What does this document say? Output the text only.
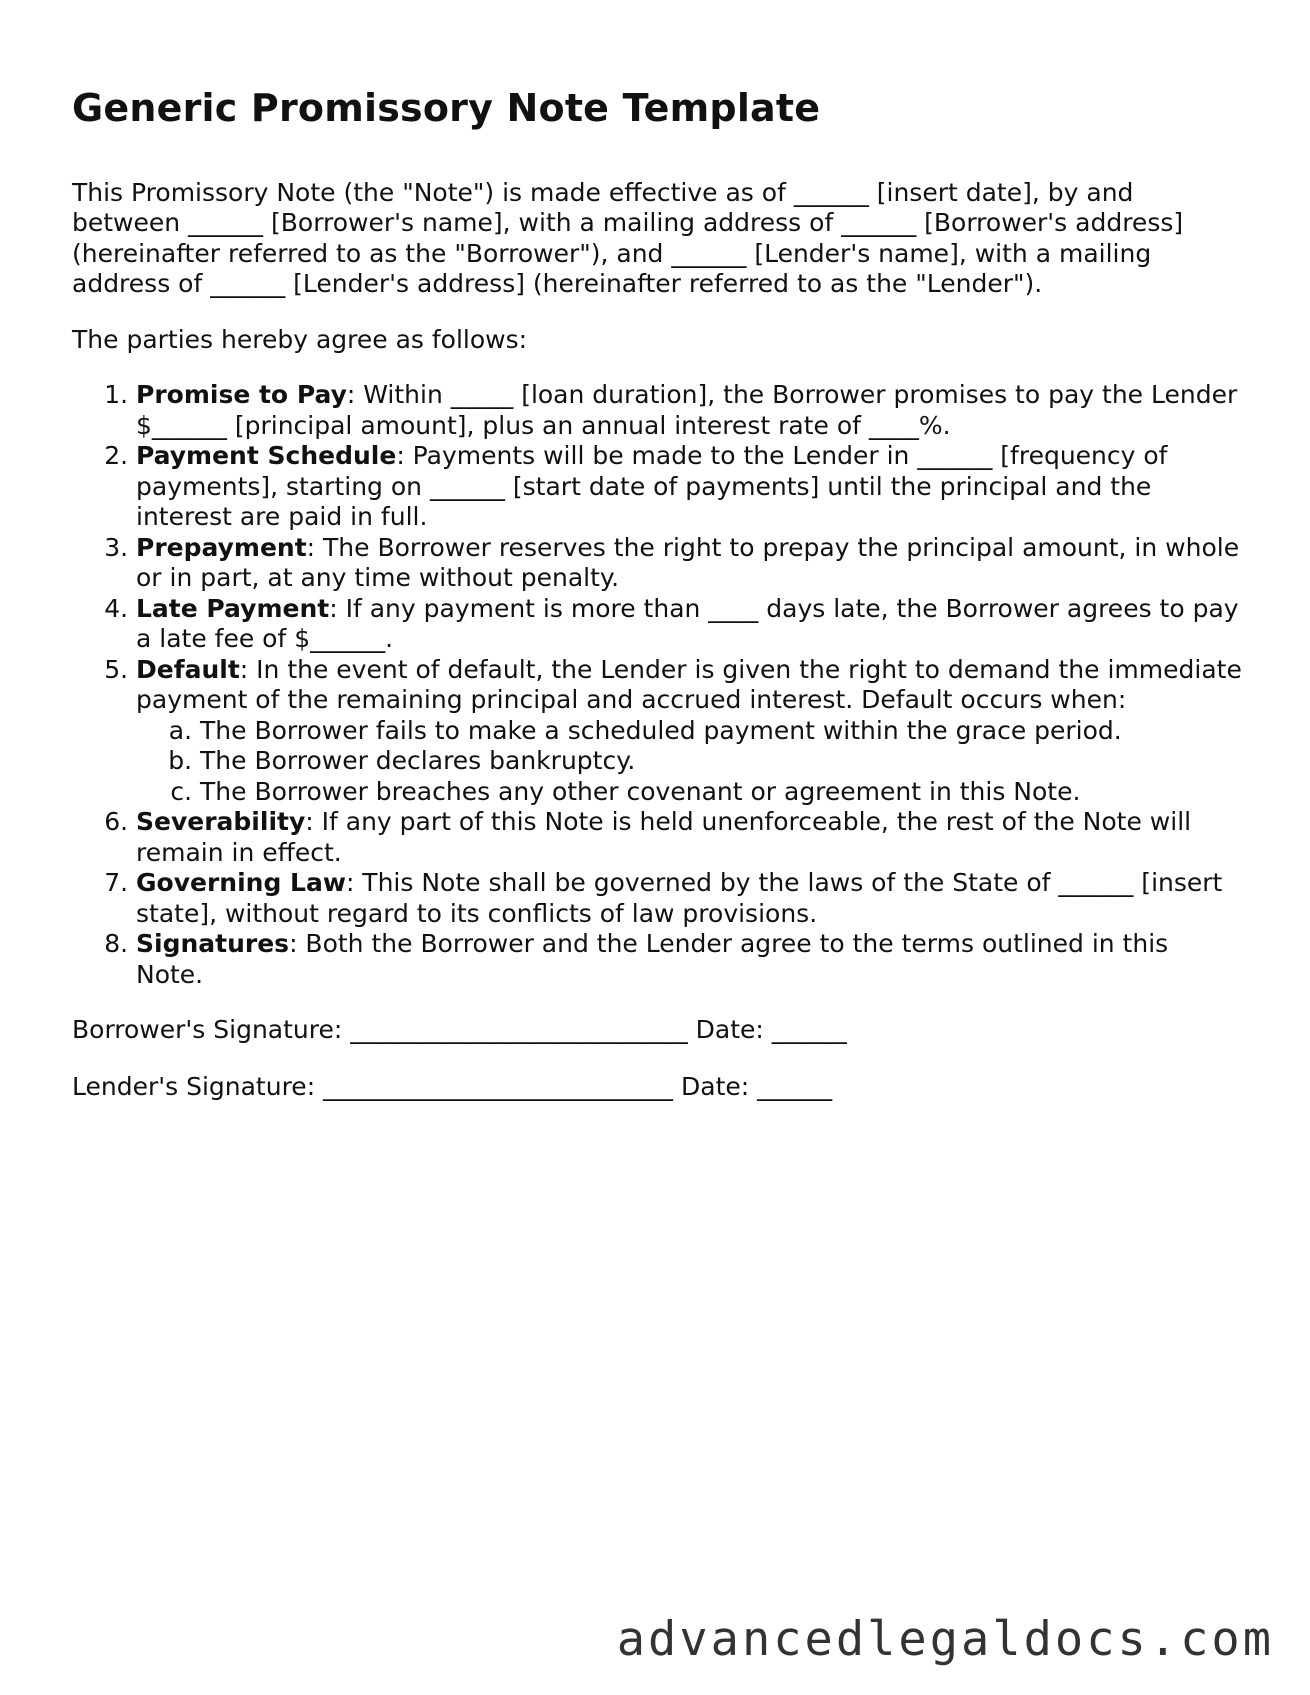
Generic Promissory Note Template

This Promissory Note (the "Note") is made effective as of ______ [insert date], by and between ______ [Borrower's name], with a mailing address of ______ [Borrower's address] (hereinafter referred to as the "Borrower"), and ______ [Lender's name], with a mailing address of ______ [Lender's address] (hereinafter referred to as the "Lender").

The parties hereby agree as follows:

1. Promise to Pay: Within _____ [loan duration], the Borrower promises to pay the Lender $______ [principal amount], plus an annual interest rate of ____%.
2. Payment Schedule: Payments will be made to the Lender in ______ [frequency of payments], starting on ______ [start date of payments] until the principal and the interest are paid in full.
3. Prepayment: The Borrower reserves the right to prepay the principal amount, in whole or in part, at any time without penalty.
4. Late Payment: If any payment is more than ____ days late, the Borrower agrees to pay a late fee of $______.
5. Default: In the event of default, the Lender is given the right to demand the immediate payment of the remaining principal and accrued interest. Default occurs when:
a. The Borrower fails to make a scheduled payment within the grace period.
b. The Borrower declares bankruptcy.
c. The Borrower breaches any other covenant or agreement in this Note.
6. Severability: If any part of this Note is held unenforceable, the rest of the Note will remain in effect.
7. Governing Law: This Note shall be governed by the laws of the State of ______ [insert state], without regard to its conflicts of law provisions.
8. Signatures: Both the Borrower and the Lender agree to the terms outlined in this Note.

Borrower's Signature: ___________________________ Date: ______

Lender's Signature: ____________________________ Date: ______

advancedlegaldocs.com
